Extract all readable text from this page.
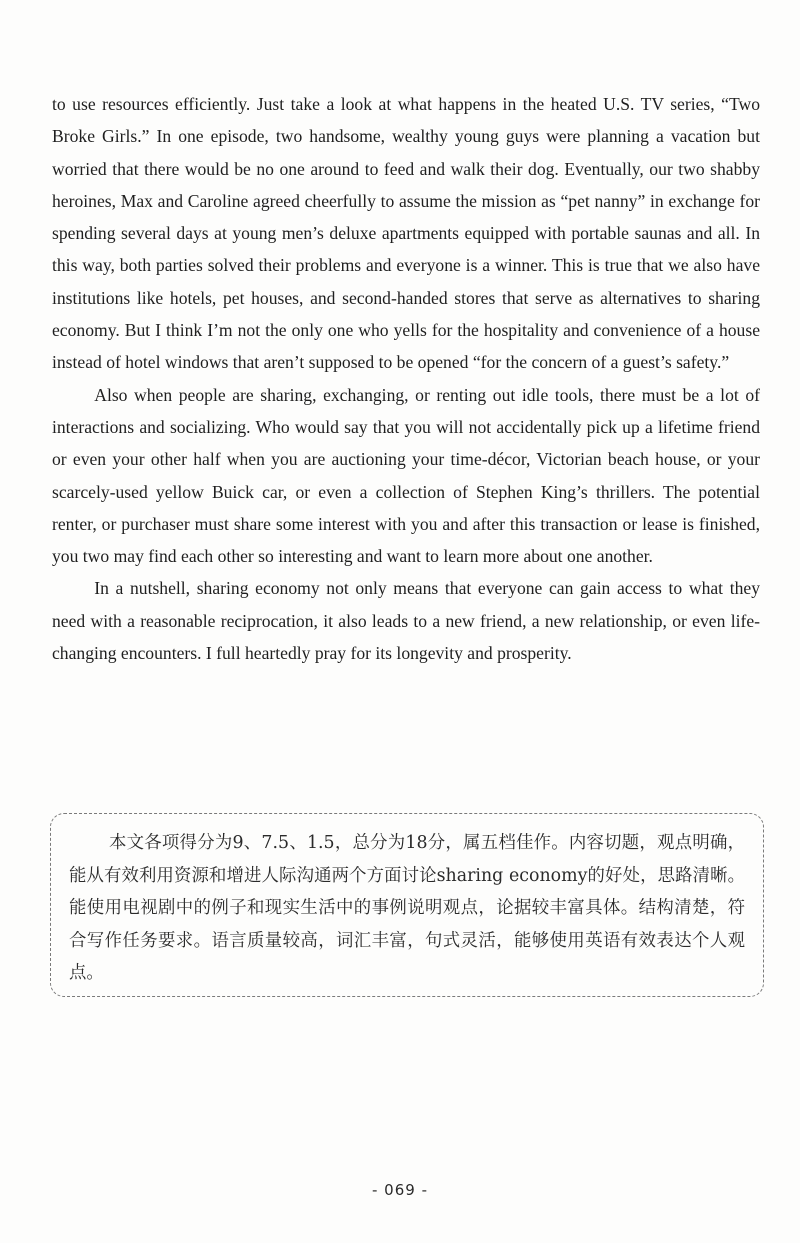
to use resources efficiently. Just take a look at what happens in the heated U.S. TV series, “Two Broke Girls.” In one episode, two handsome, wealthy young guys were planning a vacation but worried that there would be no one around to feed and walk their dog. Eventually, our two shabby heroines, Max and Caroline agreed cheerfully to assume the mission as “pet nanny” in exchange for spending several days at young men’s deluxe apartments equipped with portable saunas and all. In this way, both parties solved their problems and everyone is a winner. This is true that we also have institutions like hotels, pet houses, and second-handed stores that serve as alternatives to sharing economy. But I think I’m not the only one who yells for the hospitality and convenience of a house instead of hotel windows that aren’t supposed to be opened “for the concern of a guest’s safety.”

Also when people are sharing, exchanging, or renting out idle tools, there must be a lot of interactions and socializing. Who would say that you will not accidentally pick up a lifetime friend or even your other half when you are auctioning your time-décor, Victorian beach house, or your scarcely-used yellow Buick car, or even a collection of Stephen King’s thrillers. The potential renter, or purchaser must share some interest with you and after this transaction or lease is finished, you two may find each other so interesting and want to learn more about one another.

In a nutshell, sharing economy not only means that everyone can gain access to what they need with a reasonable reciprocation, it also leads to a new friend, a new relationship, or even life-changing encounters. I full heartedly pray for its longevity and prosperity.

本文各项得分为9、7.5、1.5，总分为18分，属五档佳作。内容切题，观点明确，能从有效利用资源和增进人际沟通两个方面讨论sharing economy的好处，思路清晰。能使用电视剧中的例子和现实生活中的事例说明观点，论据较丰富具体。结构清楚，符合写作任务要求。语言质量较高，词汇丰富，句式灵活，能够使用英语有效表达个人观点。

- 069 -
